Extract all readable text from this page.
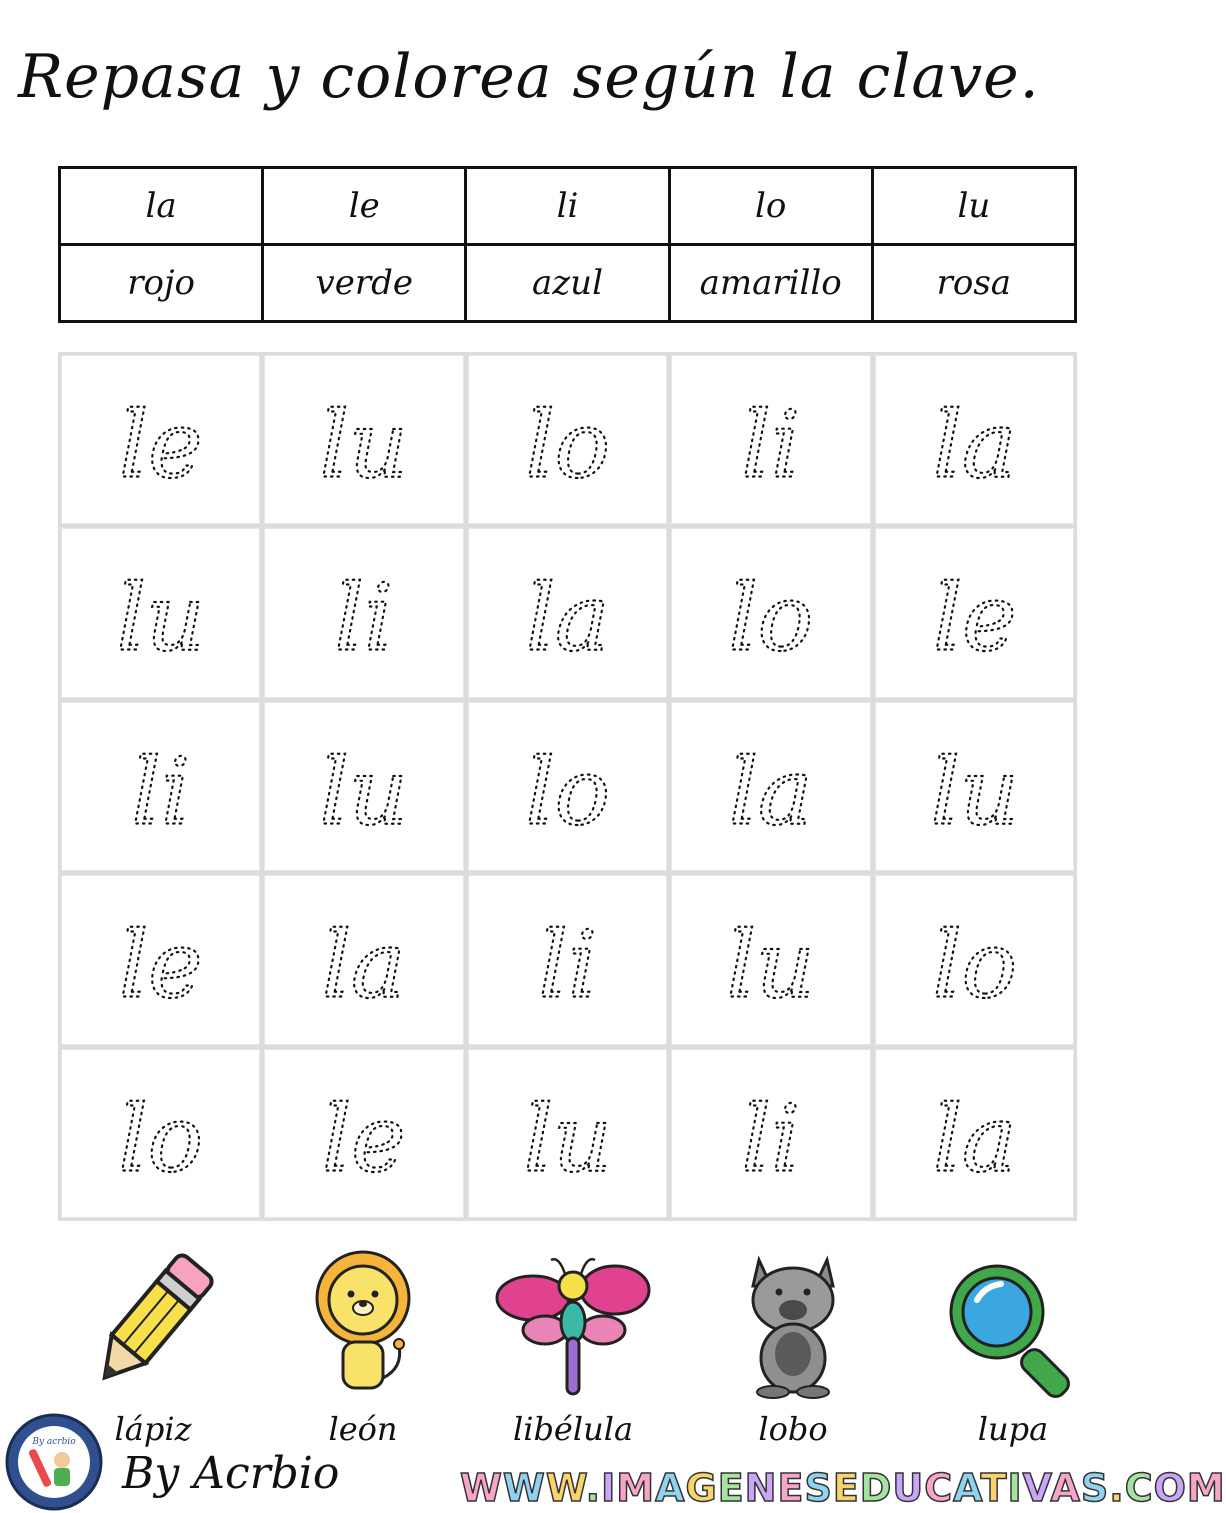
Repasa y colorea según la clave.
la	le	li	lo	lu
rojo	verde	azul	amarillo	rosa
le lu lo li la
lu li la lo le
li lu lo la lu
le la li lu lo
lo le lu li la
lápiz	león	libélula	lobo	lupa
By acrbio
By Acrbio	WWW.IMAGENESEDUCATIVAS.COM
